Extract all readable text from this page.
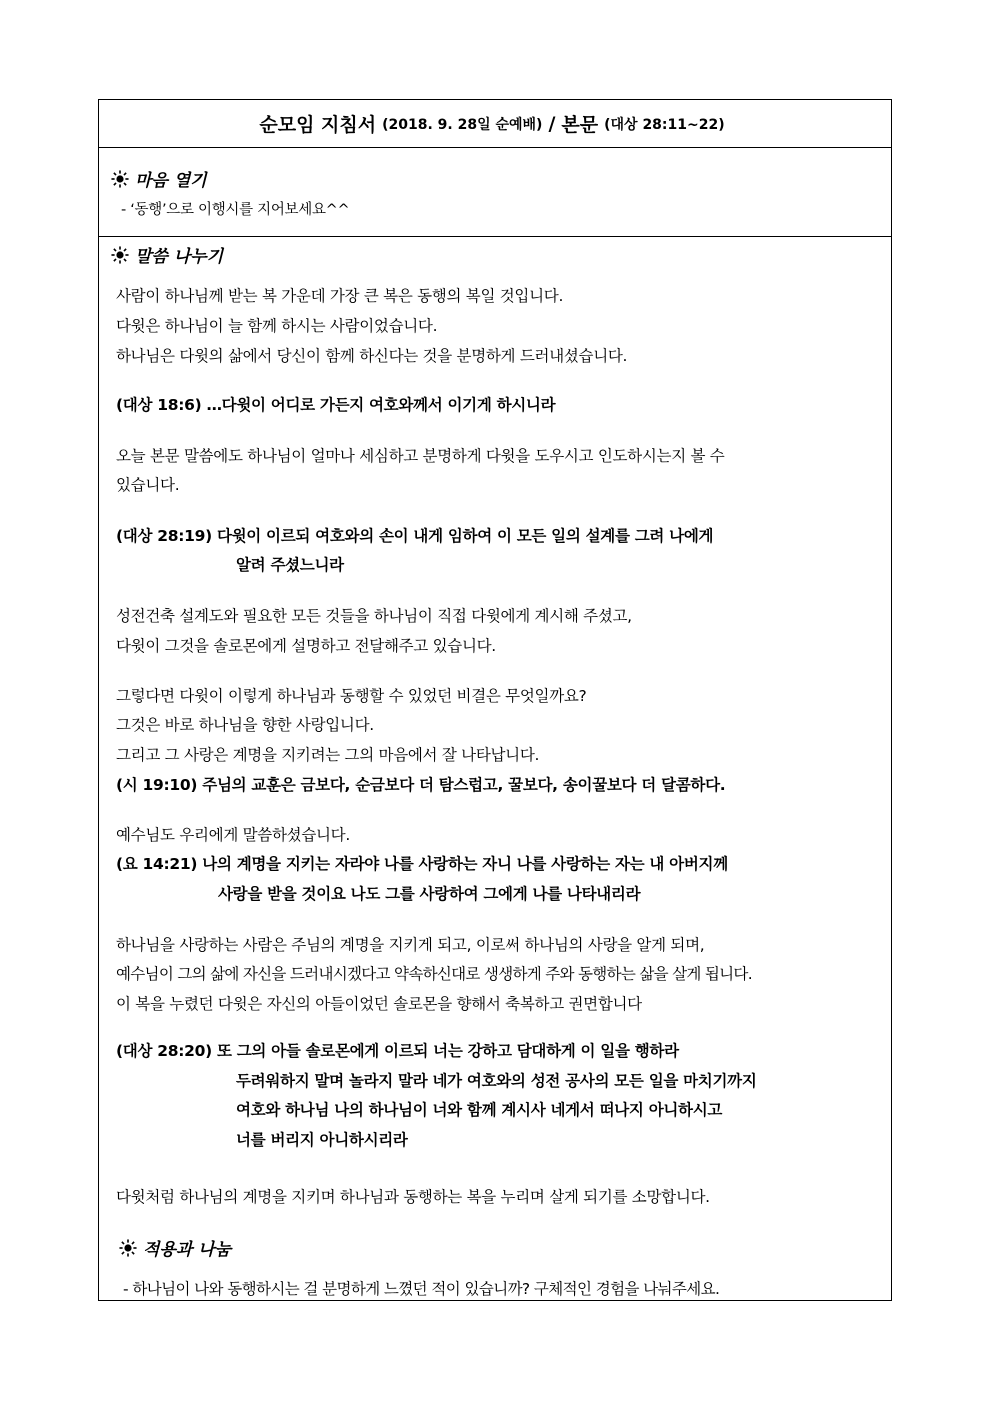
순모임 지침서 (2018. 9. 28일 순예배) / 본문 (대상 28:11~22)
마음 열기
- ‘동행’으로 이행시를 지어보세요^^
말씀 나누기
사람이 하나님께 받는 복 가운데 가장 큰 복은 동행의 복일 것입니다.
다윗은 하나님이 늘 함께 하시는 사람이었습니다.
하나님은 다윗의 삶에서 당신이 함께 하신다는 것을 분명하게 드러내셨습니다.
(대상 18:6) …다윗이 어디로 가든지 여호와께서 이기게 하시니라
오늘 본문 말씀에도 하나님이 얼마나 세심하고 분명하게 다윗을 도우시고 인도하시는지 볼 수
있습니다.
(대상 28:19) 다윗이 이르되 여호와의 손이 내게 임하여 이 모든 일의 설계를 그려 나에게
알려 주셨느니라
성전건축 설계도와 필요한 모든 것들을 하나님이 직접 다윗에게 계시해 주셨고,
다윗이 그것을 솔로몬에게 설명하고 전달해주고 있습니다.
그렇다면 다윗이 이렇게 하나님과 동행할 수 있었던 비결은 무엇일까요?
그것은 바로 하나님을 향한 사랑입니다.
그리고 그 사랑은 계명을 지키려는 그의 마음에서 잘 나타납니다.
(시 19:10) 주님의 교훈은 금보다, 순금보다 더 탐스럽고, 꿀보다, 송이꿀보다 더 달콤하다.
예수님도 우리에게 말씀하셨습니다.
(요 14:21) 나의 계명을 지키는 자라야 나를 사랑하는 자니 나를 사랑하는 자는 내 아버지께
사랑을 받을 것이요 나도 그를 사랑하여 그에게 나를 나타내리라
하나님을 사랑하는 사람은 주님의 계명을 지키게 되고, 이로써 하나님의 사랑을 알게 되며,
예수님이 그의 삶에 자신을 드러내시겠다고 약속하신대로 생생하게 주와 동행하는 삶을 살게 됩니다.
이 복을 누렸던 다윗은 자신의 아들이었던 솔로몬을 향해서 축복하고 권면합니다
(대상 28:20) 또 그의 아들 솔로몬에게 이르되 너는 강하고 담대하게 이 일을 행하라
두려워하지 말며 놀라지 말라 네가 여호와의 성전 공사의 모든 일을 마치기까지
여호와 하나님 나의 하나님이 너와 함께 계시사 네게서 떠나지 아니하시고
너를 버리지 아니하시리라
다윗처럼 하나님의 계명을 지키며 하나님과 동행하는 복을 누리며 살게 되기를 소망합니다.
적용과 나눔
- 하나님이 나와 동행하시는 걸 분명하게 느꼈던 적이 있습니까? 구체적인 경험을 나눠주세요.
